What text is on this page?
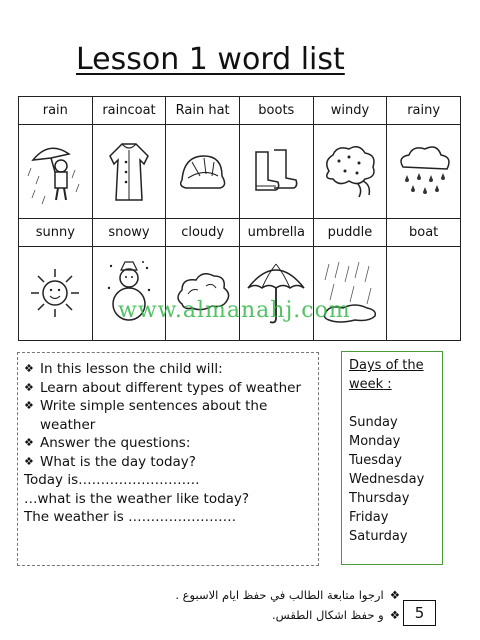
Lesson 1 word list
rain	raincoat	Rain hat	boots	windy	rainy

sunny	snowy	cloudy	umbrella	puddle	boat

www.almanahj.com
❖ In this lesson the child will:
❖ Learn about different types of weather
❖ Write simple sentences about the weather
❖ Answer the questions:
❖ What is the day today?
Today is………………………
…what is the weather like today?
The weather is ……………………
Days of the week :
Sunday
Monday
Tuesday
Wednesday
Thursday
Friday
Saturday
❖ارجوا متابعة الطالب في حفظ ايام الاسبوع .
❖و حفظ اشكال الطقس.	5
